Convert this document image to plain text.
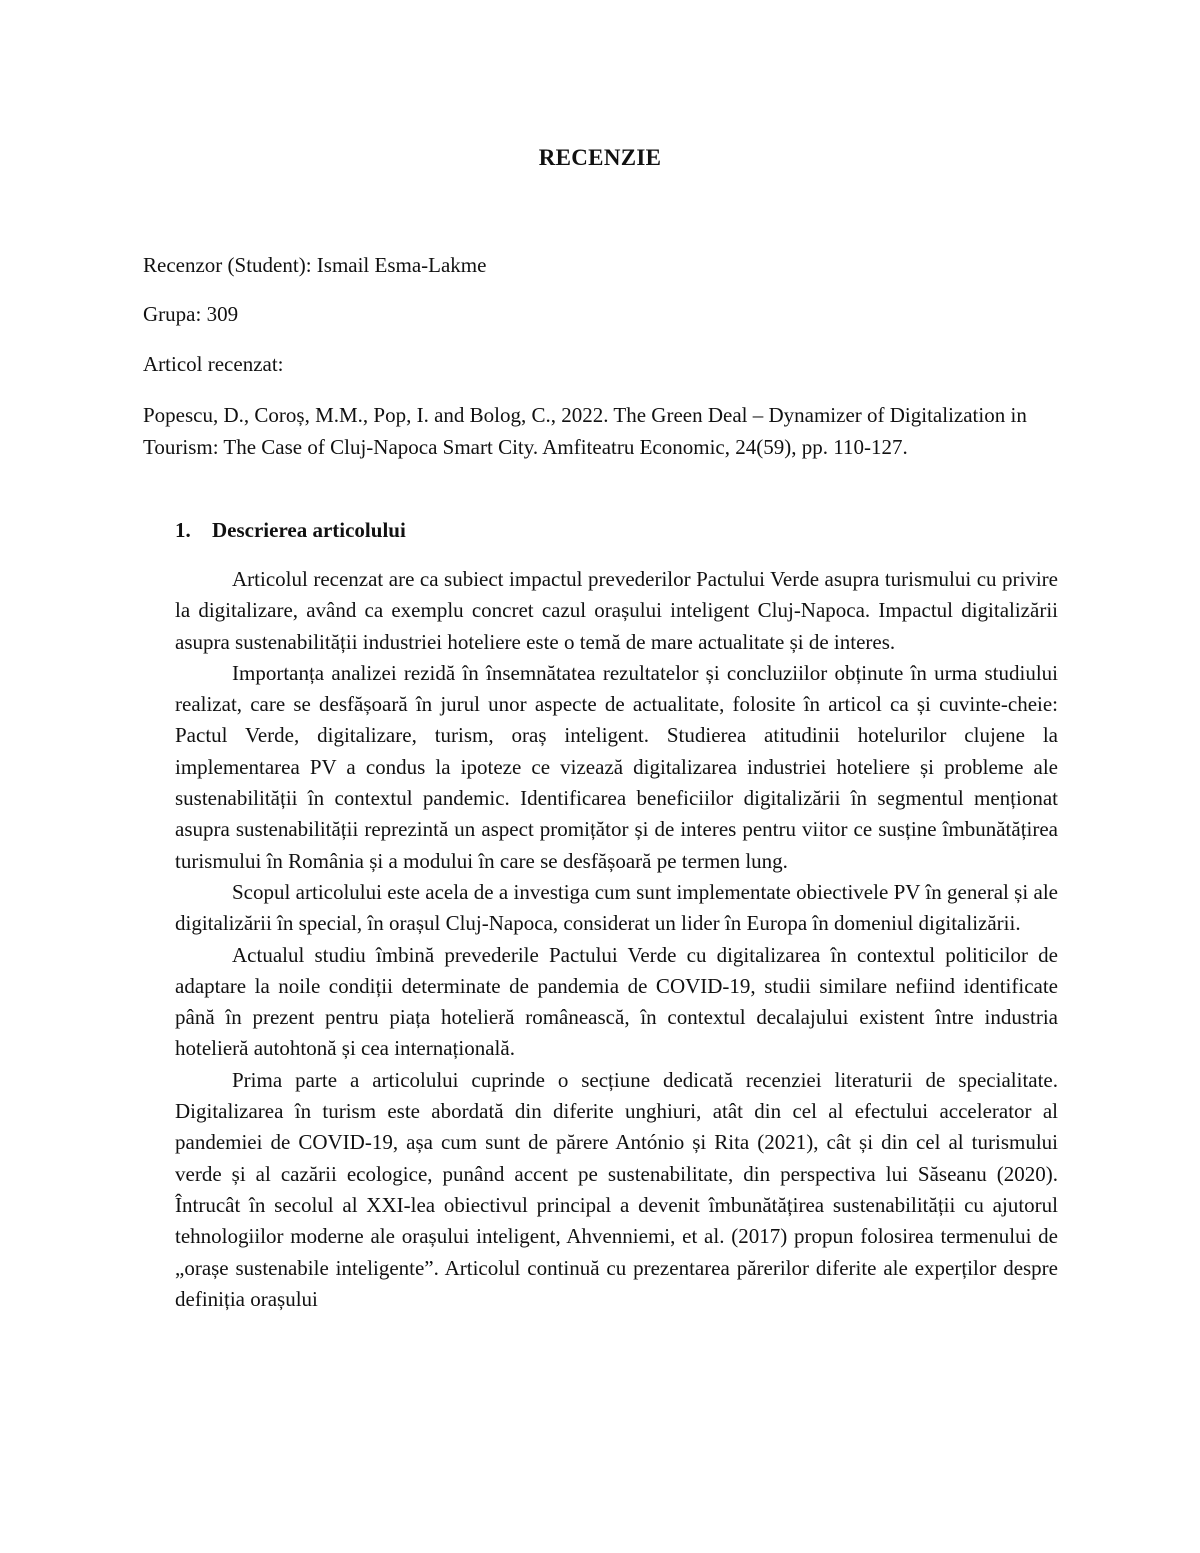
RECENZIE

Recenzor (Student): Ismail Esma-Lakme

Grupa: 309

Articol recenzat:

Popescu, D., Coroș, M.M., Pop, I. and Bolog, C., 2022. The Green Deal – Dynamizer of Digitalization in Tourism: The Case of Cluj-Napoca Smart City. Amfiteatru Economic, 24(59), pp. 110-127.

1. Descrierea articolului

Articolul recenzat are ca subiect impactul prevederilor Pactului Verde asupra turismului cu privire la digitalizare, având ca exemplu concret cazul orașului inteligent Cluj-Napoca. Impactul digitalizării asupra sustenabilității industriei hoteliere este o temă de mare actualitate și de interes.

Importanța analizei rezidă în însemnătatea rezultatelor și concluziilor obținute în urma studiului realizat, care se desfășoară în jurul unor aspecte de actualitate, folosite în articol ca și cuvinte-cheie: Pactul Verde, digitalizare, turism, oraș inteligent. Studierea atitudinii hotelurilor clujene la implementarea PV a condus la ipoteze ce vizează digitalizarea industriei hoteliere și probleme ale sustenabilității în contextul pandemic. Identificarea beneficiilor digitalizării în segmentul menționat asupra sustenabilității reprezintă un aspect promițător și de interes pentru viitor ce susține îmbunătățirea turismului în România și a modului în care se desfășoară pe termen lung.

Scopul articolului este acela de a investiga cum sunt implementate obiectivele PV în general și ale digitalizării în special, în orașul Cluj-Napoca, considerat un lider în Europa în domeniul digitalizării.

Actualul studiu îmbină prevederile Pactului Verde cu digitalizarea în contextul politicilor de adaptare la noile condiții determinate de pandemia de COVID-19, studii similare nefiind identificate până în prezent pentru piața hotelieră românească, în contextul decalajului existent între industria hotelieră autohtonă și cea internațională.

Prima parte a articolului cuprinde o secțiune dedicată recenziei literaturii de specialitate. Digitalizarea în turism este abordată din diferite unghiuri, atât din cel al efectului accelerator al pandemiei de COVID-19, așa cum sunt de părere António și Rita (2021), cât și din cel al turismului verde și al cazării ecologice, punând accent pe sustenabilitate, din perspectiva lui Săseanu (2020). Întrucât în secolul al XXI-lea obiectivul principal a devenit îmbunătățirea sustenabilității cu ajutorul tehnologiilor moderne ale orașului inteligent, Ahvenniemi, et al. (2017) propun folosirea termenului de „orașe sustenabile inteligente”. Articolul continuă cu prezentarea părerilor diferite ale experților despre definiția orașului
